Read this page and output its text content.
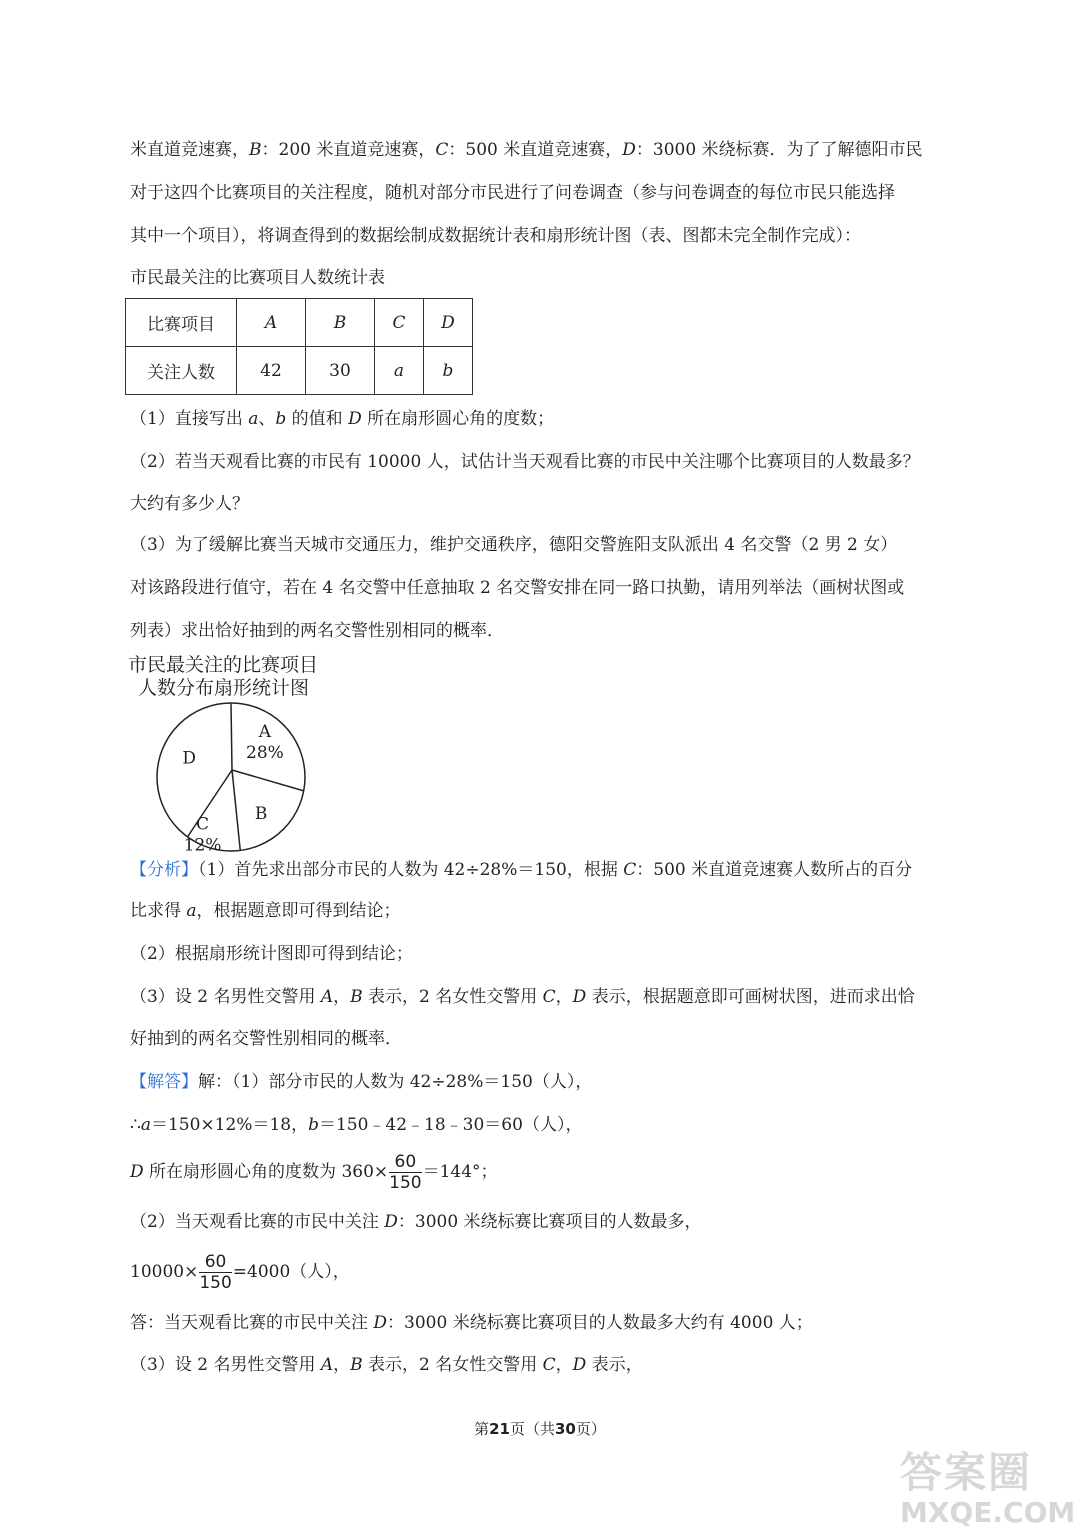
米直道竞速赛，B：200 米直道竞速赛，C：500 米直道竞速赛，D：3000 米绕标赛．为了了解德阳市民
对于这四个比赛项目的关注程度，随机对部分市民进行了问卷调查（参与问卷调查的每位市民只能选择
其中一个项目），将调查得到的数据绘制成数据统计表和扇形统计图（表、图都未完全制作完成）：
市民最关注的比赛项目人数统计表
比赛项目	A	B	C	D
关注人数	42	30	a	b
（1）直接写出 a、b 的值和 D 所在扇形圆心角的度数；
（2）若当天观看比赛的市民有 10000 人，试估计当天观看比赛的市民中关注哪个比赛项目的人数最多？
大约有多少人？
（3）为了缓解比赛当天城市交通压力，维护交通秩序，德阳交警旌阳支队派出 4 名交警（2 男 2 女）
对该路段进行值守，若在 4 名交警中任意抽取 2 名交警安排在同一路口执勤，请用列举法（画树状图或
列表）求出恰好抽到的两名交警性别相同的概率．
市民最关注的比赛项目
人数分布扇形统计图
A
28%
B
C
12%
D
【分析】（1）首先求出部分市民的人数为 42÷28%＝150，根据 C：500 米直道竞速赛人数所占的百分
比求得 a，根据题意即可得到结论；
（2）根据扇形统计图即可得到结论；
（3）设 2 名男性交警用 A，B 表示，2 名女性交警用 C，D 表示，根据题意即可画树状图，进而求出恰
好抽到的两名交警性别相同的概率．
【解答】解：（1）部分市民的人数为 42÷28%＝150（人），
∴a＝150×12%＝18，b＝150﹣42﹣18﹣30＝60（人），
D 所在扇形圆心角的度数为 $360\times \frac{60}{150} =144^\circ$；
（2）当天观看比赛的市民中关注 D：3000 米绕标赛比赛项目的人数最多，
$10000\times \frac{60}{150} =4000$（人），
答：当天观看比赛的市民中关注 D：3000 米绕标赛比赛项目的人数最多大约有 4000 人；
（3）设 2 名男性交警用 A，B 表示，2 名女性交警用 C，D 表示，
第21页（共30页）
答案圈
MXQE.COM
